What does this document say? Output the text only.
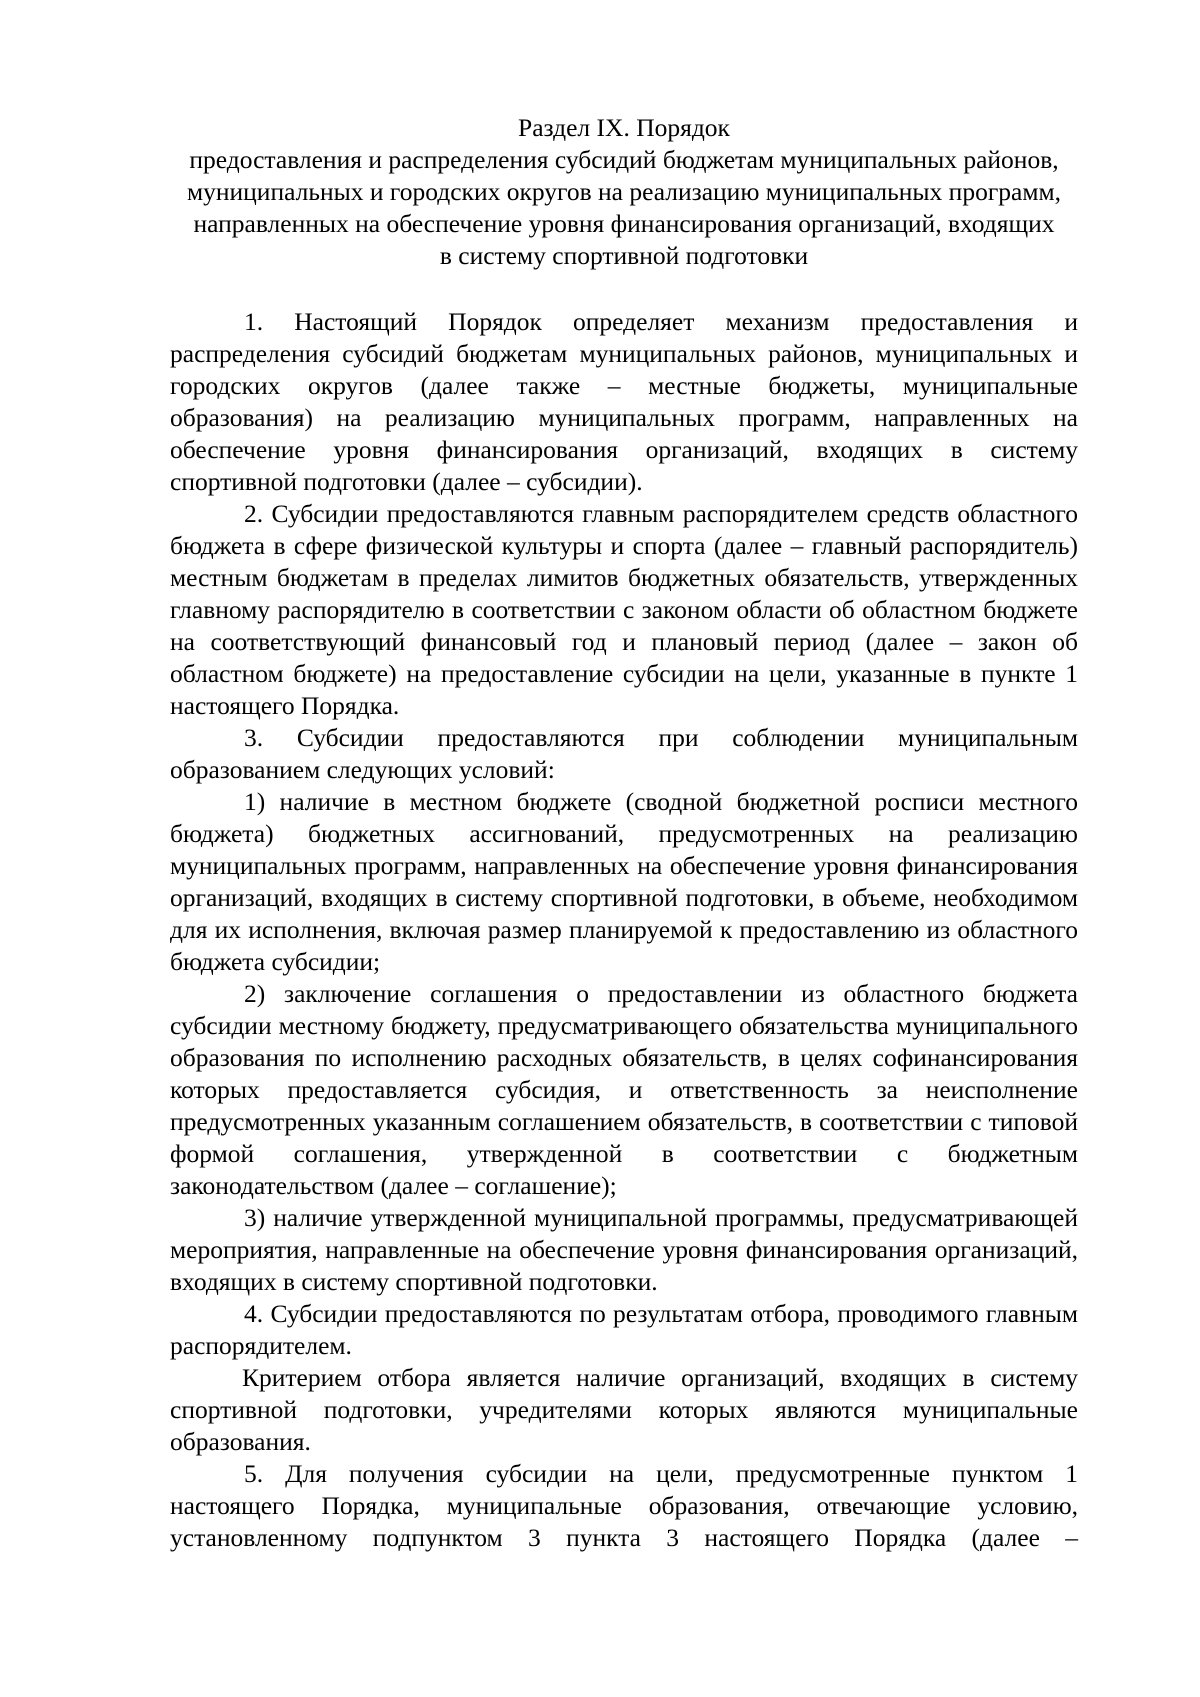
Раздел IX. Порядок
предоставления и распределения субсидий бюджетам муниципальных районов,
муниципальных и городских округов на реализацию муниципальных программ,
направленных на обеспечение уровня финансирования организаций, входящих
в систему спортивной подготовки

1. Настоящий Порядок определяет механизм предоставления и распределения субсидий бюджетам муниципальных районов, муниципальных и городских округов (далее также – местные бюджеты, муниципальные образования) на реализацию муниципальных программ, направленных на обеспечение уровня финансирования организаций, входящих в систему спортивной подготовки (далее – субсидии).

2. Субсидии предоставляются главным распорядителем средств областного бюджета в сфере физической культуры и спорта (далее – главный распорядитель) местным бюджетам в пределах лимитов бюджетных обязательств, утвержденных главному распорядителю в соответствии с законом области об областном бюджете на соответствующий финансовый год и плановый период (далее – закон об областном бюджете) на предоставление субсидии на цели, указанные в пункте 1 настоящего Порядка.

3. Субсидии предоставляются при соблюдении муниципальным образованием следующих условий:

1) наличие в местном бюджете (сводной бюджетной росписи местного бюджета) бюджетных ассигнований, предусмотренных на реализацию муниципальных программ, направленных на обеспечение уровня финансирования организаций, входящих в систему спортивной подготовки, в объеме, необходимом для их исполнения, включая размер планируемой к предоставлению из областного бюджета субсидии;

2) заключение соглашения о предоставлении из областного бюджета субсидии местному бюджету, предусматривающего обязательства муниципального образования по исполнению расходных обязательств, в целях софинансирования которых предоставляется субсидия, и ответственность за неисполнение предусмотренных указанным соглашением обязательств, в соответствии с типовой формой соглашения, утвержденной в соответствии с бюджетным законодательством (далее – соглашение);

3) наличие утвержденной муниципальной программы, предусматривающей мероприятия, направленные на обеспечение уровня финансирования организаций, входящих в систему спортивной подготовки.

4. Субсидии предоставляются по результатам отбора, проводимого главным распорядителем.

Критерием отбора является наличие организаций, входящих в систему спортивной подготовки, учредителями которых являются муниципальные образования.

5. Для получения субсидии на цели, предусмотренные пунктом 1 настоящего Порядка, муниципальные образования, отвечающие условию, установленному подпунктом 3 пункта 3 настоящего Порядка (далее –
